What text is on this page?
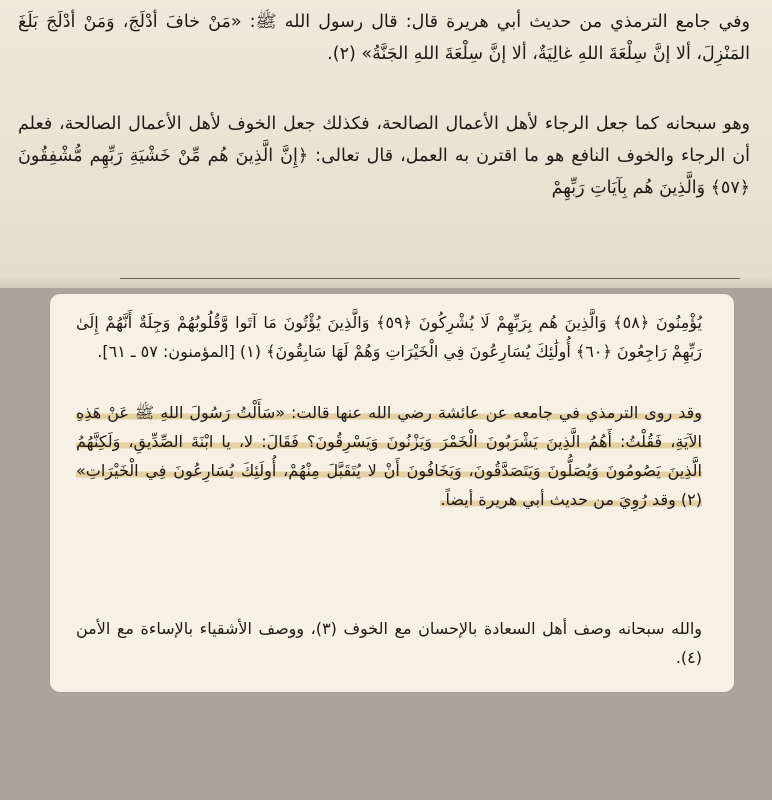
وفي جامع الترمذي من حديث أبي هريرة قال: قال رسول الله ﷺ: «مَنْ خافَ أدْلَجَ، وَمَنْ أدْلَجَ بَلَغَ المَنْزِلَ، ألا إنَّ سِلْعَةَ اللهِ غالِيَةٌ، ألا إنَّ سِلْعَةَ اللهِ الجَنَّةُ» (٢).

وهو سبحانه كما جعل الرجاء لأهل الأعمال الصالحة، فكذلك جعل الخوف لأهل الأعمال الصالحة، فعلم أن الرجاء والخوف النافع هو ما اقترن به العمل، قال تعالى: ﴿إِنَّ الَّذِينَ هُم مِّنْ خَشْيَةِ رَبِّهِم مُّشْفِقُونَ ﴿٥٧﴾ وَالَّذِينَ هُم بِآيَاتِ رَبِّهِمْ

يُؤْمِنُونَ ﴿٥٨﴾ وَالَّذِينَ هُم بِرَبِّهِمْ لَا يُشْرِكُونَ ﴿٥٩﴾ وَالَّذِينَ يُؤْتُونَ مَا آتَوا وَّقُلُوبُهُمْ وَجِلَةٌ أَنَّهُمْ إِلَىٰ رَبِّهِمْ رَاجِعُونَ ﴿٦٠﴾ أُولَٰئِكَ يُسَارِعُونَ فِي الْخَيْرَاتِ وَهُمْ لَهَا سَابِقُونَ﴾ (١) [المؤمنون: ٥٧ ـ ٦١].

وقد روى الترمذي في جامعه عن عائشة رضي الله عنها قالت: «سَأَلْتُ رَسُولَ اللهِ ﷺ عَنْ هَذِهِ الآيَةِ، فَقُلْتُ: أَهُمُ الَّذِينَ يَشْرَبُونَ الْخَمْرَ وَيَزْنُونَ وَيَسْرِقُونَ؟ فَقَالَ: لا، يا ابْنَةَ الصِّدِّيقِ، وَلَكِنَّهُمُ الَّذِينَ يَصُومُونَ وَيُصَلُّونَ وَيَتَصَدَّقُونَ، وَيَخَافُونَ أَنْ لا يُتَقَبَّلَ مِنْهُمْ، أُولَئِكَ يُسَارِعُونَ فِي الْخَيْرَاتِ» (٢) وقد رُوِيَ من حديث أبي هريرة أيضاً.

والله سبحانه وصف أهل السعادة بالإحسان مع الخوف (٣)، ووصف الأشقياء بالإساءة مع الأمن (٤).
